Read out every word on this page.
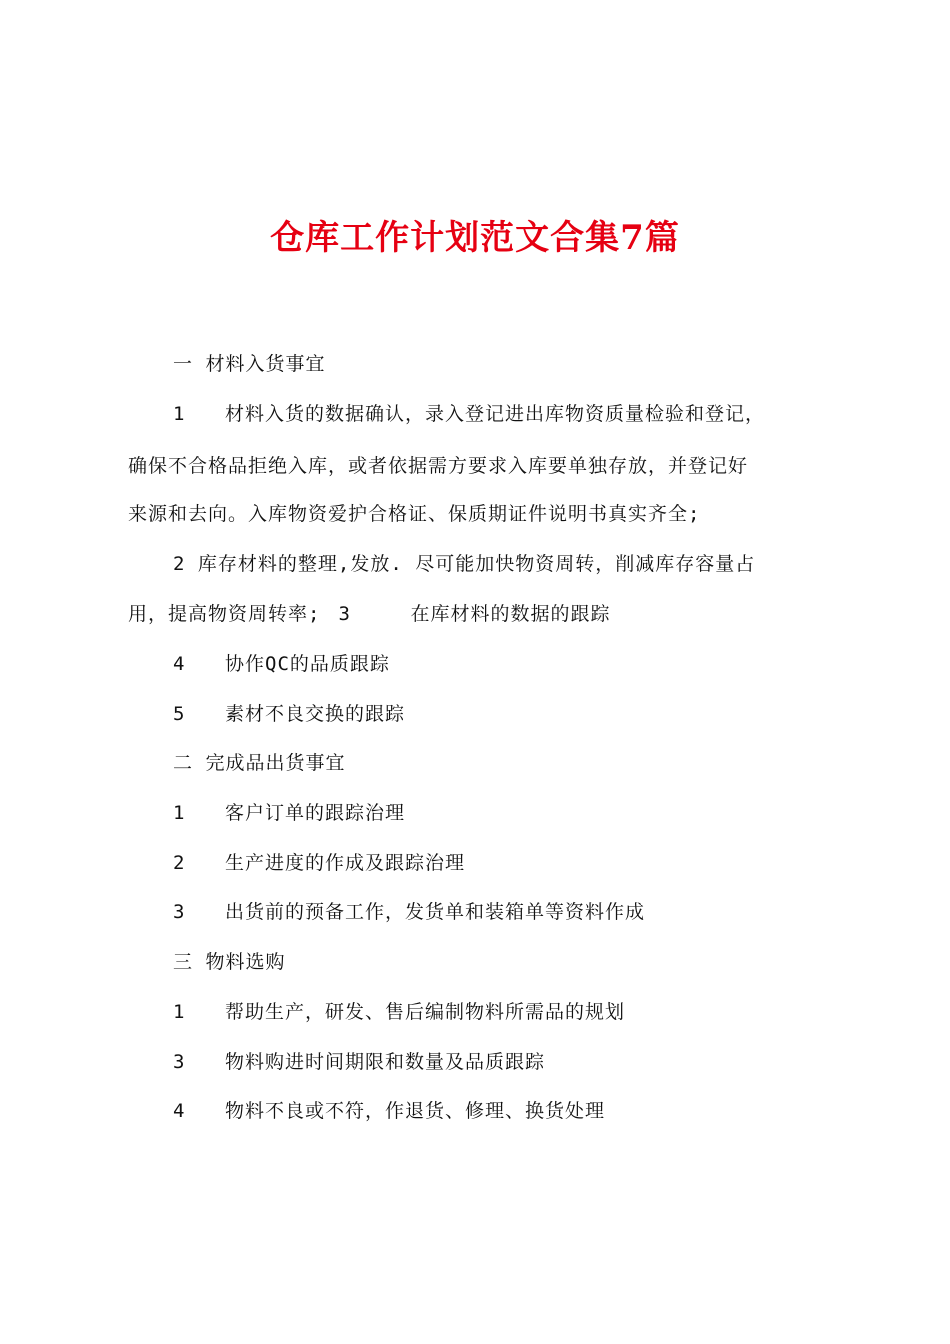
仓库工作计划范文合集7篇
一 材料入货事宜
1 材料入货的数据确认，录入登记进出库物资质量检验和登记，
确保不合格品拒绝入库，或者依据需方要求入库要单独存放，并登记好
来源和去向。入库物资爱护合格证、保质期证件说明书真实齐全;
2 库存材料的整理,发放. 尽可能加快物资周转，削减库存容量占
用，提高物资周转率; 3	在库材料的数据的跟踪
4 协作QC的品质跟踪
5 素材不良交换的跟踪
二 完成品出货事宜
1 客户订单的跟踪治理
2 生产进度的作成及跟踪治理
3 出货前的预备工作，发货单和装箱单等资料作成
三 物料选购
1 帮助生产，研发、售后编制物料所需品的规划
3 物料购进时间期限和数量及品质跟踪
4 物料不良或不符，作退货、修理、换货处理
